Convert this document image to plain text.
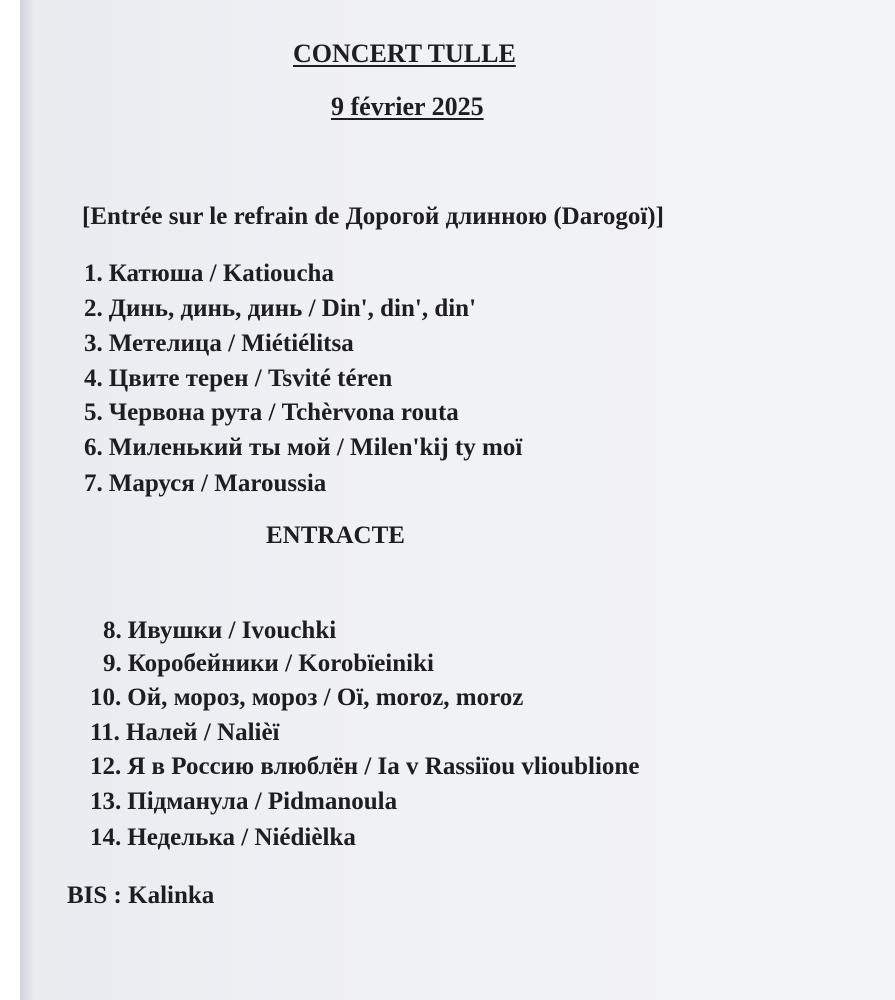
CONCERT TULLE

9 février 2025

[Entrée sur le refrain de Дорогой длинною (Darogoï)]

1. Катюша / Katioucha

2. Динь, динь, динь / Din', din', din'

3. Метелица / Miétiélitsa

4. Цвите терен / Tsvité téren

5. Червона рута / Tchèrvona routa

6. Миленький ты мой / Milen'kij ty moï

7. Маруся / Maroussia

ENTRACTE

8. Ивушки / Ivouchki

9. Коробейники / Korobïeiniki

10. Ой, мороз, мороз / Oï, moroz, moroz

11. Налей / Nalièï

12. Я в Россию влюблён / Ia v Rassiïou vlioublione

13. Підманула / Pidmanoula

14. Неделька / Niédièlka

BIS : Kalinka
